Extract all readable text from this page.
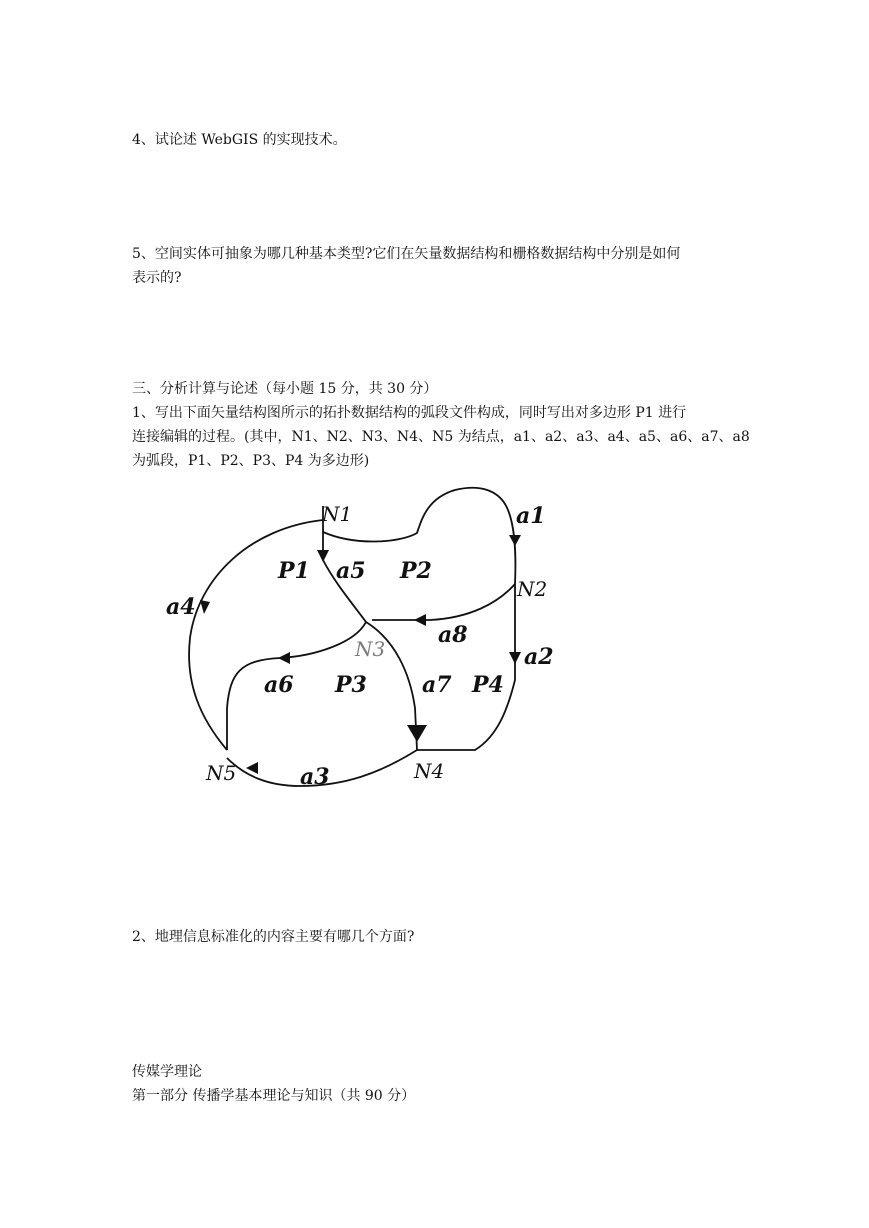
4、试论述 WebGIS 的实现技术。

5、空间实体可抽象为哪几种基本类型?它们在矢量数据结构和栅格数据结构中分别是如何

表示的?

三、分析计算与论述（每小题 15 分，共 30 分）

1、写出下面矢量结构图所示的拓扑数据结构的弧段文件构成，同时写出对多边形 P1 进行

连接编辑的过程。(其中，N1、N2、N3、N4、N5 为结点，a1、a2、a3、a4、a5、a6、a7、a8

为弧段，P1、P2、P3、P4 为多边形)

N1
N2
N3
N4
N5
a1
a2
a3
a4
a5
a6	a7
a8
P1	P2
P3	P4

2、地理信息标准化的内容主要有哪几个方面?

传媒学理论

第一部分 传播学基本理论与知识（共 90 分）
